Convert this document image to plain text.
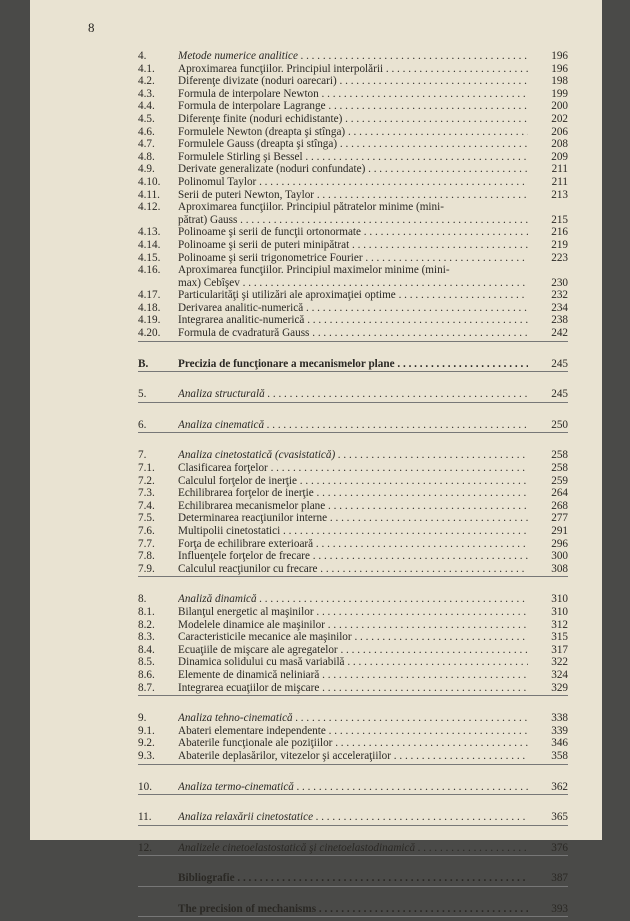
8
4.	Metode numerice analitice . . .	196
4.1.	Aproximarea funcţiilor. Principiul interpolării . . .	196
4.2.	Diferenţe divizate (noduri oarecari) . . .	198
4.3.	Formula de interpolare Newton . . .	199
4.4.	Formula de interpolare Lagrange . . .	200
4.5.	Diferenţe finite (noduri echidistante) . . .	202
4.6.	Formulele Newton (dreapta şi stînga) . . .	206
4.7.	Formulele Gauss (dreapta şi stînga) . . .	208
4.8.	Formulele Stirling şi Bessel . . .	209
4.9.	Derivate generalizate (noduri confundate) . . .	211
4.10.	Polinomul Taylor . . .	211
4.11.	Serii de puteri Newton, Taylor . . .	213
4.12.	Aproximarea funcţiilor. Principiul pătratelor minime (mini-
pătrat) Gauss . . .	215
4.13.	Polinoame şi serii de funcţii ortonormate . . .	216
4.14.	Polinoame şi serii de puteri minipătrat . . .	219
4.15.	Polinoame şi serii trigonometrice Fourier . . .	223
4.16.	Aproximarea funcţiilor. Principiul maximelor minime (mini-
max) Cebîşev . . .	230
4.17.	Particularităţi şi utilizări ale aproximaţiei optime . . .	232
4.18.	Derivarea analitic-numerică . . .	234
4.19.	Integrarea analitic-numerică . . .	238
4.20.	Formula de cvadratură Gauss . . .	242
B.	Precizia de funcţionare a mecanismelor plane . . .	245
5.	Analiza structurală . . .	245
6.	Analiza cinematică . . .	250
7.	Analiza cinetostatică (cvasistatică) . . .	258
7.1.	Clasificarea forţelor . . .	258
7.2.	Calculul forţelor de inerţie . . .	259
7.3.	Echilibrarea forţelor de inerţie . . .	264
7.4.	Echilibrarea mecanismelor plane . . .	268
7.5.	Determinarea reacţiunilor interne . . .	277
7.6.	Multipolii cinetostatici . . .	291
7.7.	Forţa de echilibrare exterioară . . .	296
7.8.	Influenţele forţelor de frecare . . .	300
7.9.	Calculul reacţiunilor cu frecare . . .	308
8.	Analiză dinamică . . .	310
8.1.	Bilanţul energetic al maşinilor . . .	310
8.2.	Modelele dinamice ale maşinilor . . .	312
8.3.	Caracteristicile mecanice ale maşinilor . . .	315
8.4.	Ecuaţiile de mişcare ale agregatelor . . .	317
8.5.	Dinamica solidului cu masă variabilă . . .	322
8.6.	Elemente de dinamică neliniară . . .	324
8.7.	Integrarea ecuaţiilor de mişcare . . .	329
9.	Analiza tehno-cinematică . . .	338
9.1.	Abateri elementare independente . . .	339
9.2.	Abaterile funcţionale ale poziţiilor . . .	346
9.3.	Abaterile deplasărilor, vitezelor şi acceleraţiilor . . .	358
10.	Analiza termo-cinematică . . .	362
11.	Analiza relaxării cinetostatice . . .	365
12.	Analizele cinetoelastostatică şi cinetoelastodinamică . . .	376
Bibliografie . . .	387
The precision of mechanisms . . .	393
